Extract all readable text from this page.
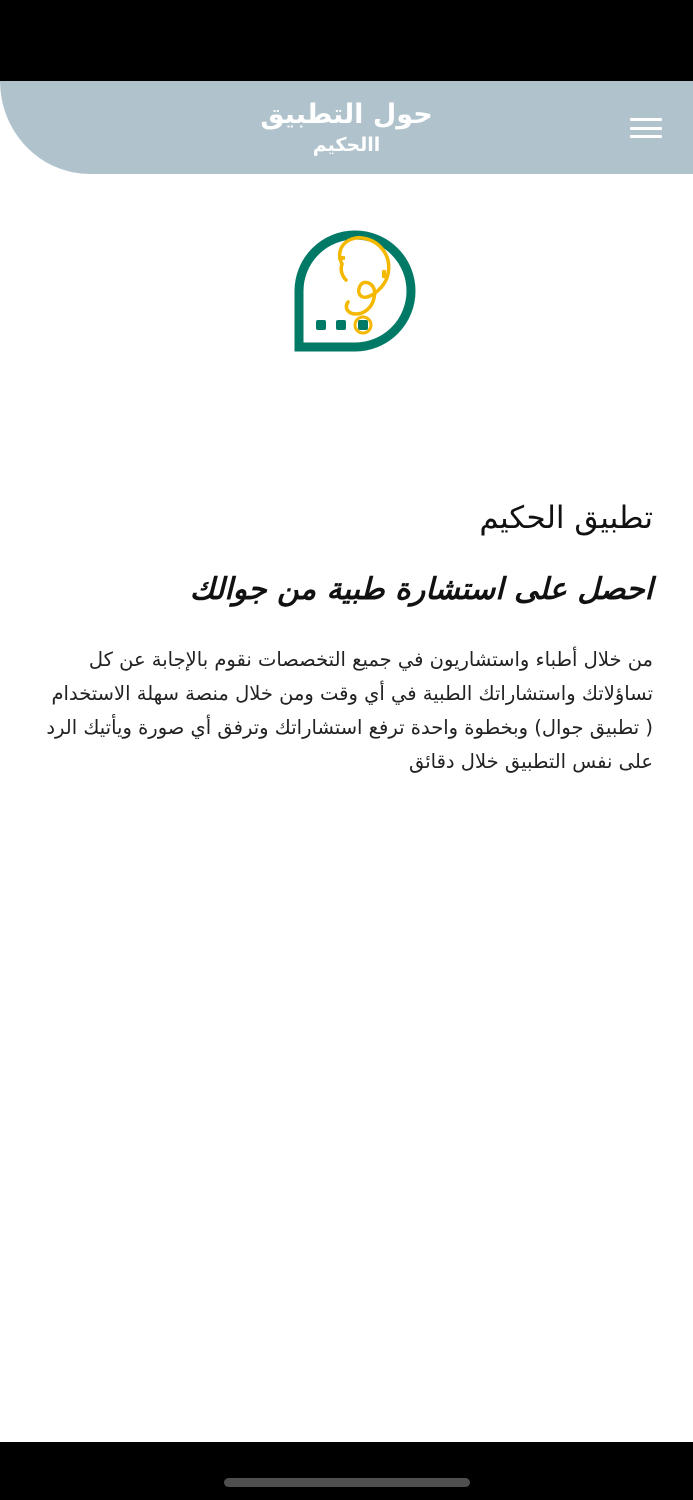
حول التطبيق
االحكيم
تطبيق الحكيم
احصل على استشارة طبية من جوالك

من خلال أطباء واستشاريون في جميع التخصصات نقوم بالإجابة عن كل تساؤلاتك واستشاراتك الطبية في أي وقت ومن خلال منصة سهلة الاستخدام ( تطبيق جوال) وبخطوة واحدة ترفع استشاراتك وترفق أي صورة ويأتيك الرد على نفس التطبيق خلال دقائق
